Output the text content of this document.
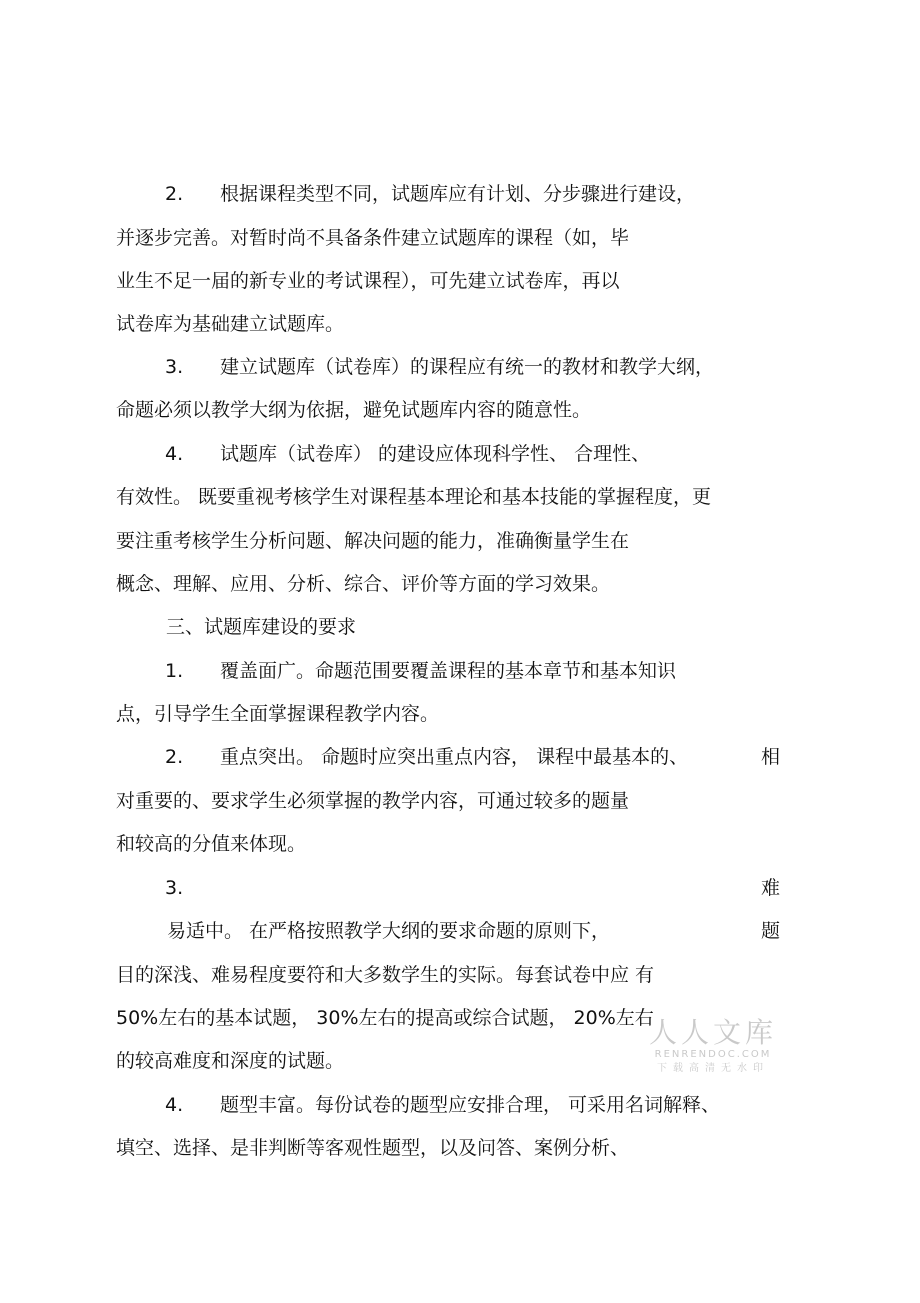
2. 根据课程类型不同，试题库应有计划、分步骤进行建设，
并逐步完善。对暂时尚不具备条件建立试题库的课程（如，毕
业生不足一届的新专业的考试课程），可先建立试卷库，再以
试卷库为基础建立试题库。
3. 建立试题库（试卷库）的课程应有统一的教材和教学大纲，
命题必须以教学大纲为依据，避免试题库内容的随意性。
4. 试题库（试卷库） 的建设应体现科学性、 合理性、
有效性。 既要重视考核学生对课程基本理论和基本技能的掌握程度，更
要注重考核学生分析问题、解决问题的能力，准确衡量学生在
概念、理解、应用、分析、综合、评价等方面的学习效果。
三、试题库建设的要求
1. 覆盖面广。命题范围要覆盖课程的基本章节和基本知识
点，引导学生全面掌握课程教学内容。
2. 重点突出。 命题时应突出重点内容， 课程中最基本的、	相
对重要的、要求学生必须掌握的教学内容，可通过较多的题量
和较高的分值来体现。
3.	难
易适中。 在严格按照教学大纲的要求命题的原则下，	题
目的深浅、难易程度要符和大多数学生的实际。每套试卷中应 有
50%左右的基本试题， 30%左右的提高或综合试题， 20%左右
的较高难度和深度的试题。
4. 题型丰富。每份试卷的题型应安排合理， 可采用名词解释、
填空、选择、是非判断等客观性题型，以及问答、案例分析、
人人文库
RENRENDOC.COM
下载高清无水印
